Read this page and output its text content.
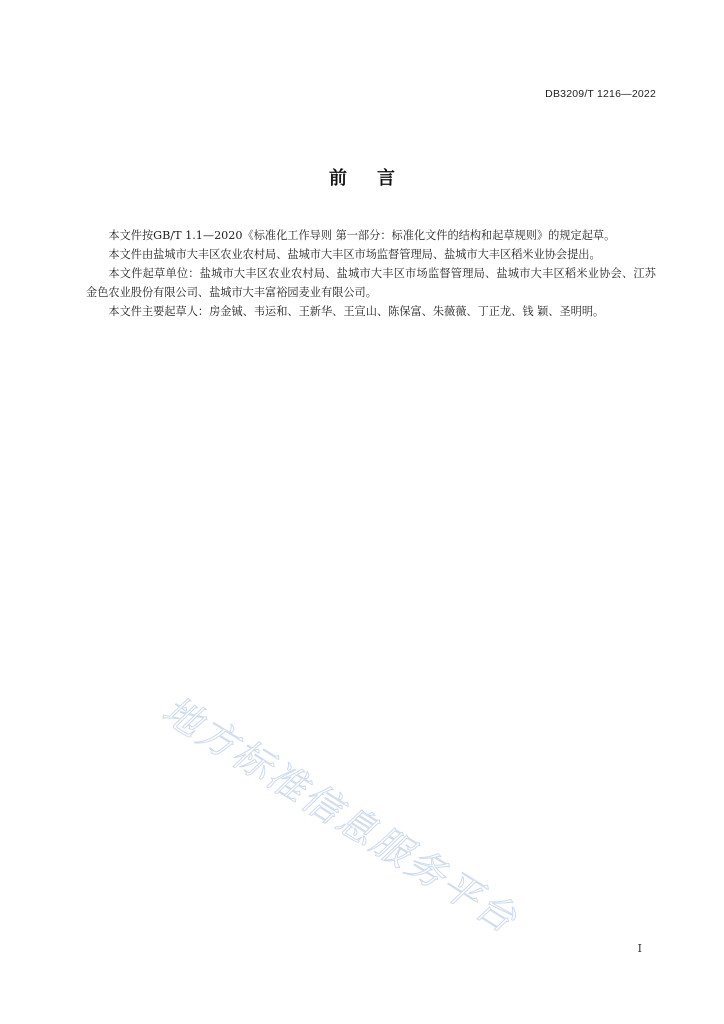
DB3209/T 1216—2022
前言

本文件按GB/T 1.1—2020《标准化工作导则 第一部分：标准化文件的结构和起草规则》的规定起草。

本文件由盐城市大丰区农业农村局、盐城市大丰区市场监督管理局、盐城市大丰区稻米业协会提出。

本文件起草单位：盐城市大丰区农业农村局、盐城市大丰区市场监督管理局、盐城市大丰区稻米业协会、江苏金色农业股份有限公司、盐城市大丰富裕园麦业有限公司。

本文件主要起草人：房金铖、韦运和、王新华、王宣山、陈保富、朱薇薇、丁正龙、钱 颖、圣明明。

地方标准信息服务平台
I
